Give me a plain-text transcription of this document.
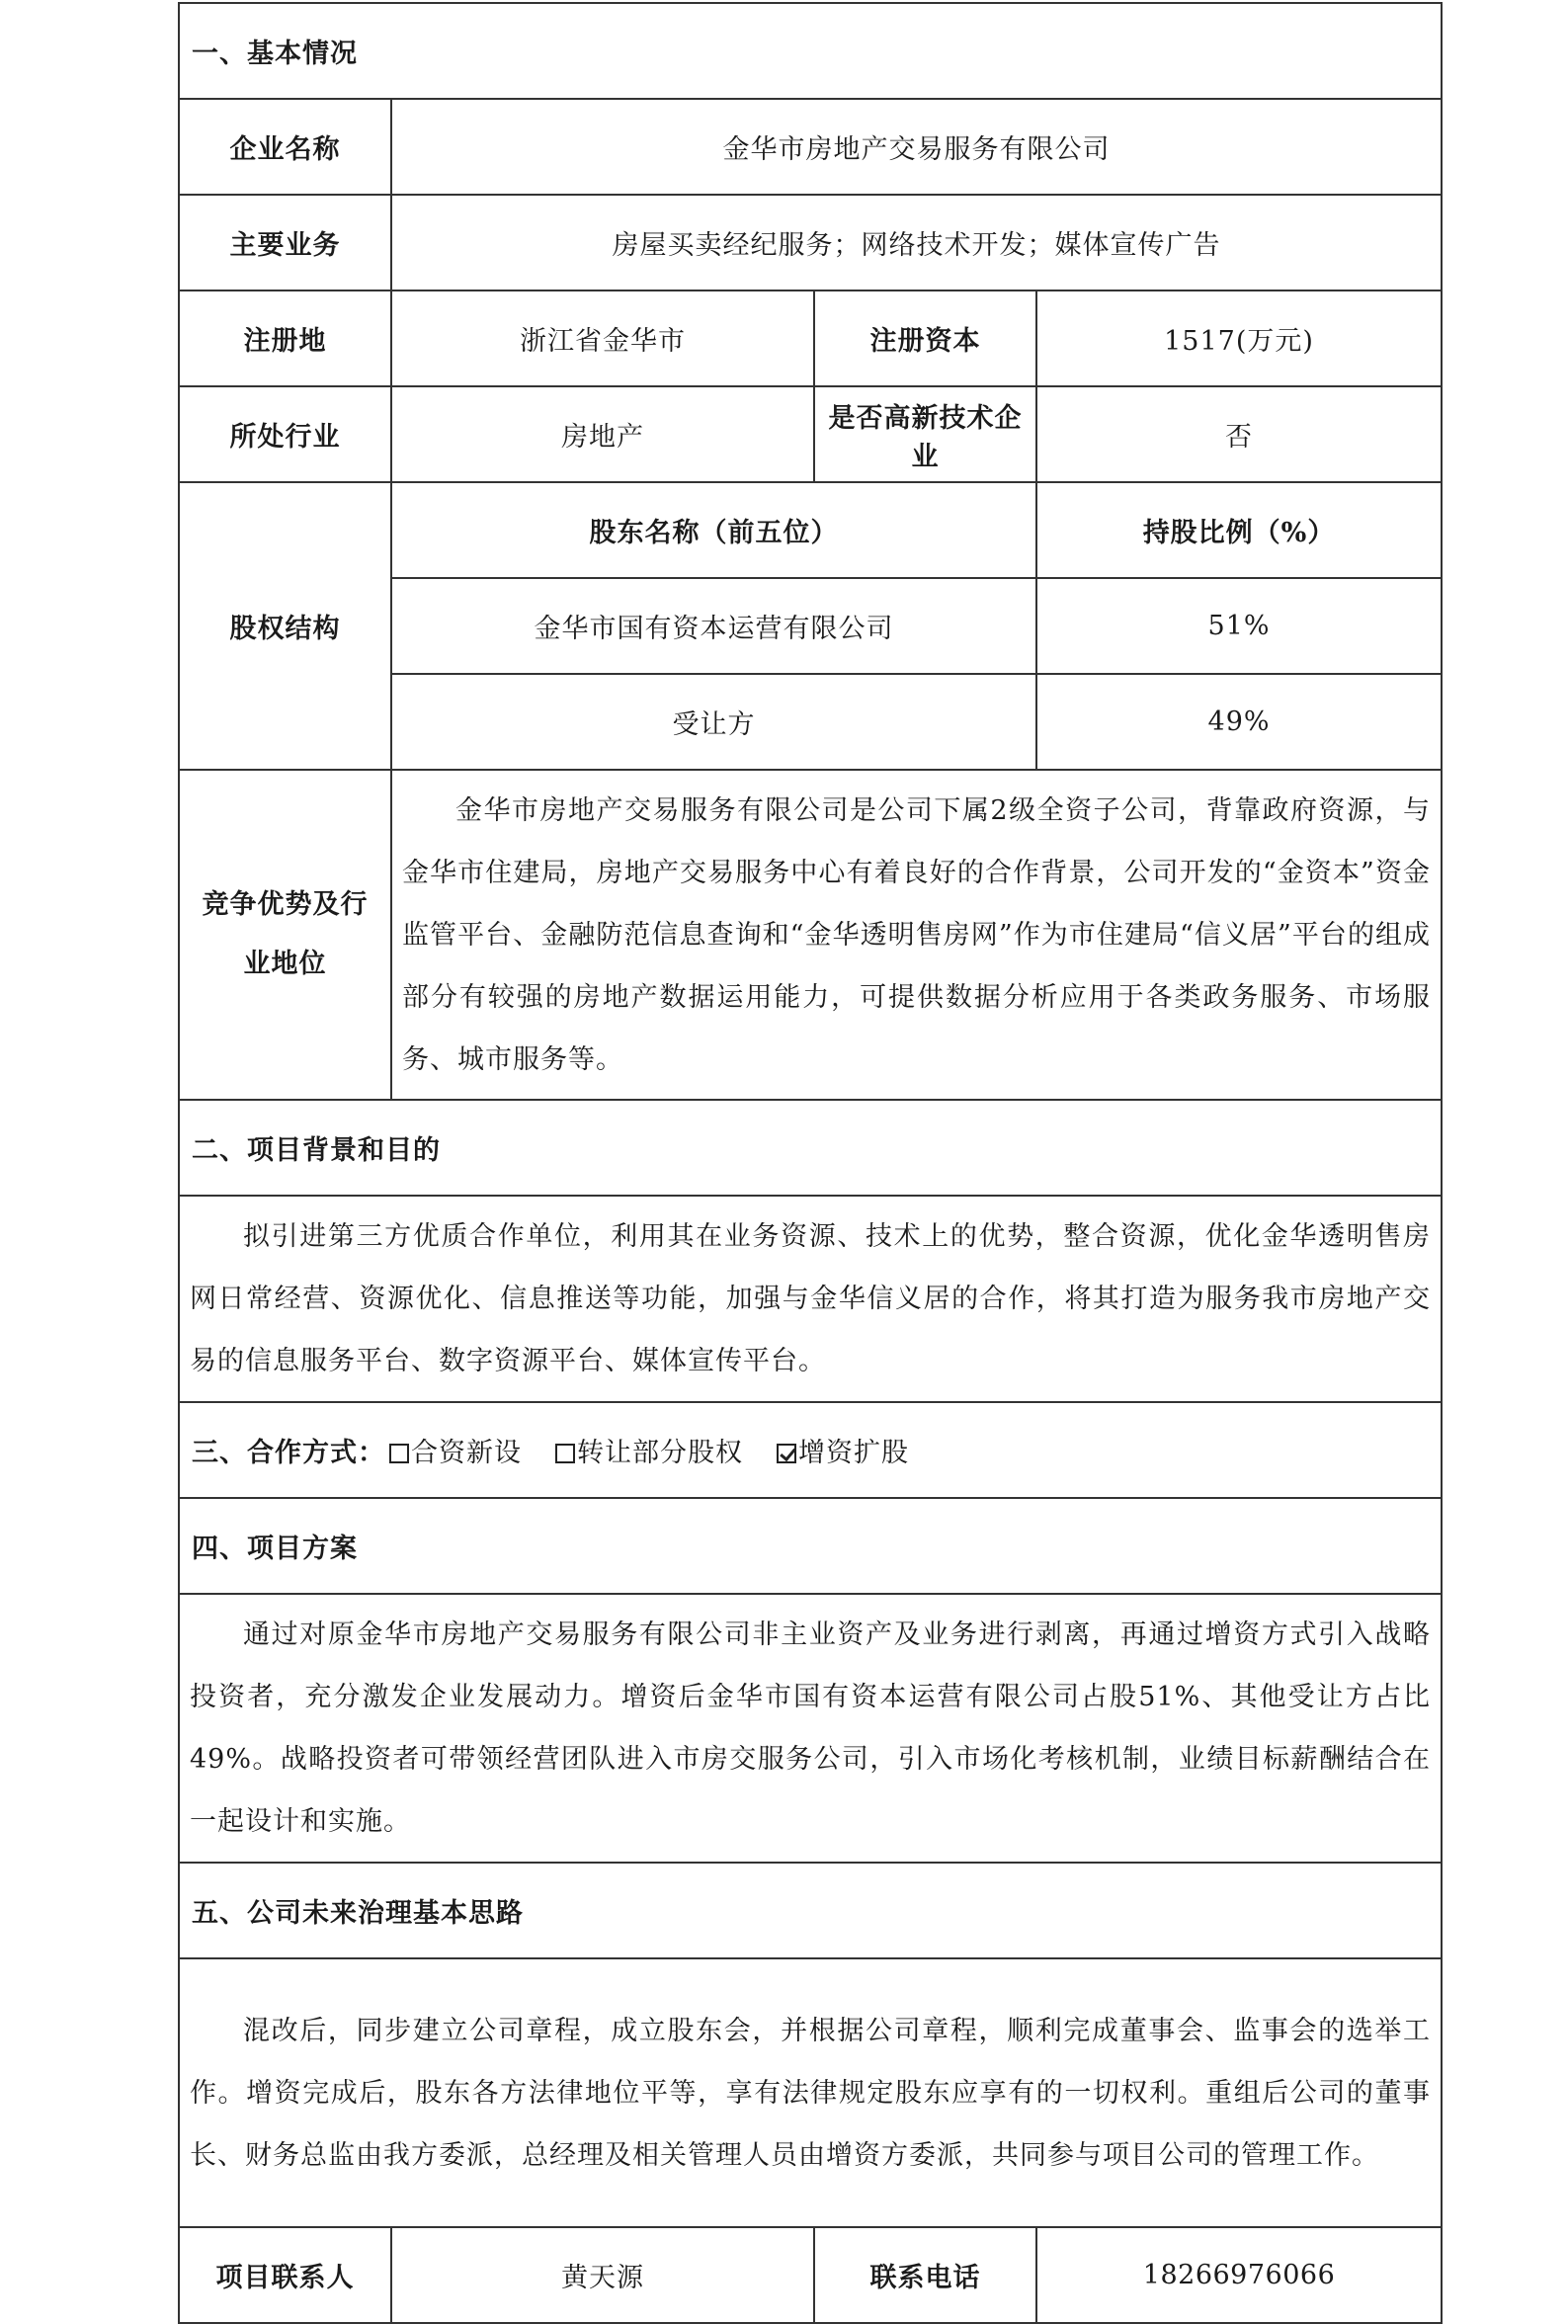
一、基本情况			
企业名称	金华市房地产交易服务有限公司		
主要业务	房屋买卖经纪服务；网络技术开发；媒体宣传广告		
注册地	浙江省金华市	注册资本	1517(万元)
所处行业	房地产	是否高新技术企业	否
股权结构	股东名称（前五位）		持股比例（%）
	金华市国有资本运营有限公司		51%
	受让方		49%
竞争优势及行业地位	金华市房地产交易服务有限公司是公司下属2级全资子公司，背靠政府资源，与金华市住建局，房地产交易服务中心有着良好的合作背景，公司开发的“金资本”资金监管平台、金融防范信息查询和“金华透明售房网”作为市住建局“信义居”平台的组成部分有较强的房地产数据运用能力，可提供数据分析应用于各类政务服务、市场服务、城市服务等。		
二、项目背景和目的			
拟引进第三方优质合作单位，利用其在业务资源、技术上的优势，整合资源，优化金华透明售房网日常经营、资源优化、信息推送等功能，加强与金华信义居的合作，将其打造为服务我市房地产交易的信息服务平台、数字资源平台、媒体宣传平台。			
三、合作方式： 合资新设 转让部分股权 增资扩股			
四、项目方案			
通过对原金华市房地产交易服务有限公司非主业资产及业务进行剥离，再通过增资方式引入战略投资者，充分激发企业发展动力。增资后金华市国有资本运营有限公司占股51%、其他受让方占比49%。战略投资者可带领经营团队进入市房交服务公司，引入市场化考核机制，业绩目标薪酬结合在一起设计和实施。			
五、公司未来治理基本思路			
混改后，同步建立公司章程，成立股东会，并根据公司章程，顺利完成董事会、监事会的选举工作。增资完成后，股东各方法律地位平等，享有法律规定股东应享有的一切权利。重组后公司的董事长、财务总监由我方委派，总经理及相关管理人员由增资方委派，共同参与项目公司的管理工作。			
项目联系人	黄天源	联系电话	18266976066
